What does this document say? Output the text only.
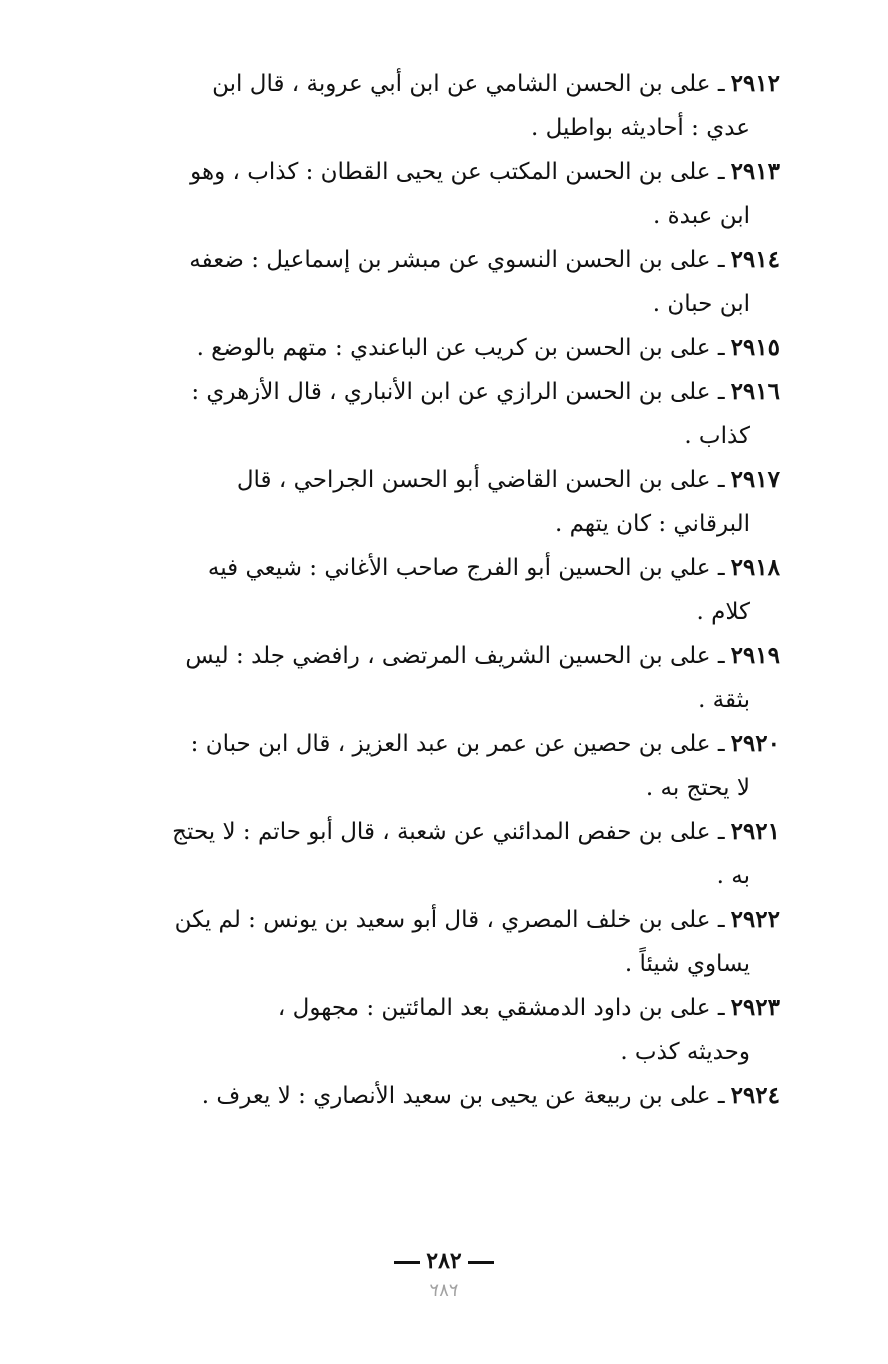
٢٩١٢ـ على بن الحسن الشامي عن ابن أبي عروبة ، قال ابن
عدي : أحاديثه بواطيل .
٢٩١٣ـ على بن الحسن المكتب عن يحيى القطان : كذاب ، وهو
ابن عبدة .
٢٩١٤ـ على بن الحسن النسوي عن مبشر بن إسماعيل : ضعفه
ابن حبان .
٢٩١٥ـ على بن الحسن بن كريب عن الباعندي : متهم بالوضع .
٢٩١٦ـ على بن الحسن الرازي عن ابن الأنباري ، قال الأزهري :
كذاب .
٢٩١٧ـ على بن الحسن القاضي أبو الحسن الجراحي ، قال
البرقاني : كان يتهم .
٢٩١٨ـ علي بن الحسين أبو الفرج صاحب الأغاني : شيعي فيه
كلام .
٢٩١٩ـ على بن الحسين الشريف المرتضى ، رافضي جلد : ليس
بثقة .
٢٩٢٠ـ على بن حصين عن عمر بن عبد العزيز ، قال ابن حبان :
لا يحتج به .
٢٩٢١ـ على بن حفص المدائني عن شعبة ، قال أبو حاتم : لا يحتج
به .
٢٩٢٢ـ على بن خلف المصري ، قال أبو سعيد بن يونس : لم يكن
يساوي شيئاً .
٢٩٢٣ـ على بن داود الدمشقي بعد المائتين : مجهول ،
وحديثه كذب .
٢٩٢٤ـ على بن ربيعة عن يحيى بن سعيد الأنصاري : لا يعرف .
٢٨٢
٢٨٢
